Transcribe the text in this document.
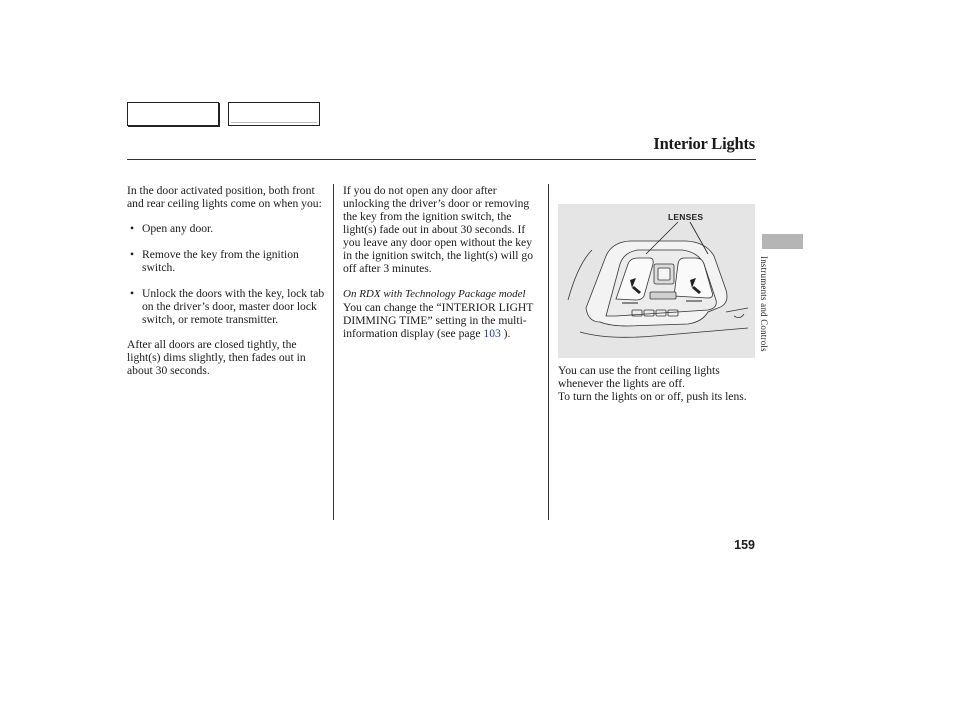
Interior Lights

In the door activated position, both front and rear ceiling lights come on when you:

• Open any door.

• Remove the key from the ignition switch.

• Unlock the doors with the key, lock tab on the driver’s door, master door lock switch, or remote transmitter.

After all doors are closed tightly, the light(s) dims slightly, then fades out in about 30 seconds.

If you do not open any door after unlocking the driver’s door or removing the key from the ignition switch, the light(s) fade out in about 30 seconds. If you leave any door open without the key in the ignition switch, the light(s) will go off after 3 minutes.

On RDX with Technology Package model

You can change the “INTERIOR LIGHT DIMMING TIME” setting in the multi-information display (see page 103 ).

LENSES

You can use the front ceiling lights whenever the lights are off.

To turn the lights on or off, push its lens.

Instruments and Controls
159
